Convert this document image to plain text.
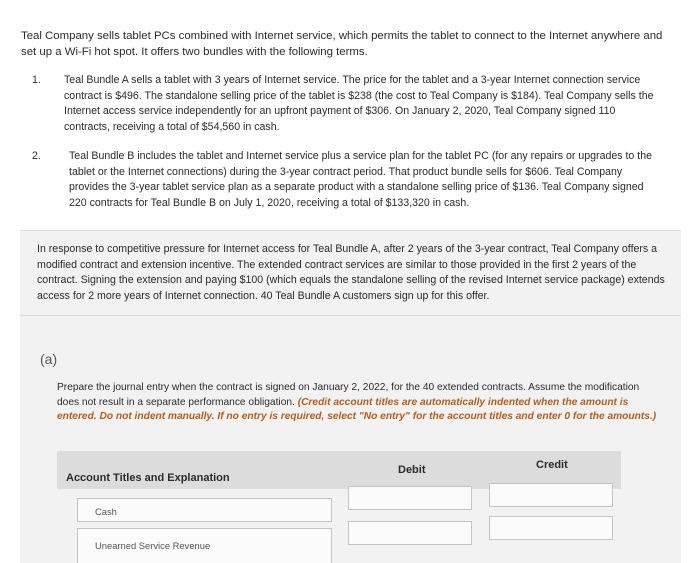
Teal Company sells tablet PCs combined with Internet service, which permits the tablet to connect to the Internet anywhere and set up a Wi-Fi hot spot. It offers two bundles with the following terms.

1. Teal Bundle A sells a tablet with 3 years of Internet service. The price for the tablet and a 3-year Internet connection service contract is $496. The standalone selling price of the tablet is $238 (the cost to Teal Company is $184). Teal Company sells the Internet access service independently for an upfront payment of $306. On January 2, 2020, Teal Company signed 110 contracts, receiving a total of $54,560 in cash.
2.	Teal Bundle B includes the tablet and Internet service plus a service plan for the tablet PC (for any repairs or upgrades to the tablet or the Internet connections) during the 3-year contract period. That product bundle sells for $606. Teal Company provides the 3-year tablet service plan as a separate product with a standalone selling price of $136. Teal Company signed 220 contracts for Teal Bundle B on July 1, 2020, receiving a total of $133,320 in cash.

In response to competitive pressure for Internet access for Teal Bundle A, after 2 years of the 3-year contract, Teal Company offers a modified contract and extension incentive. The extended contract services are similar to those provided in the first 2 years of the contract. Signing the extension and paying $100 (which equals the standalone selling of the revised Internet service package) extends access for 2 more years of Internet connection. 40 Teal Bundle A customers sign up for this offer.

(a)

Prepare the journal entry when the contract is signed on January 2, 2022, for the 40 extended contracts. Assume the modification does not result in a separate performance obligation. (Credit account titles are automatically indented when the amount is entered. Do not indent manually. If no entry is required, select "No entry" for the account titles and enter 0 for the amounts.)

Account Titles and Explanation
Debit	Credit
Cash
Unearned Service Revenue
